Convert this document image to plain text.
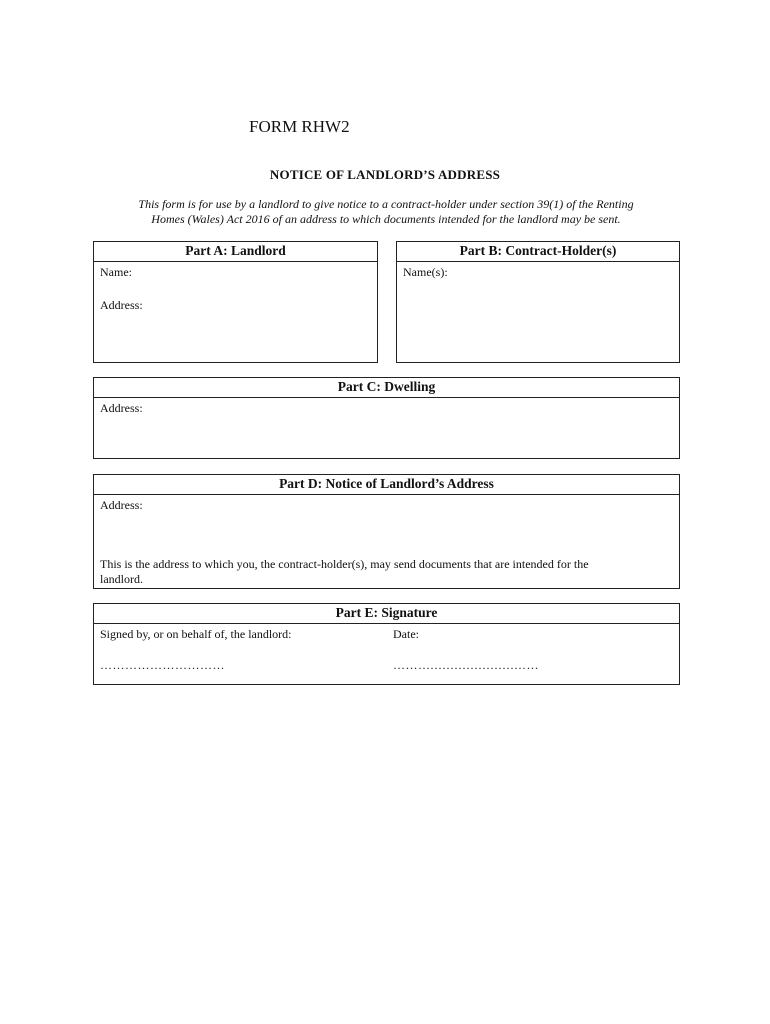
FORM RHW2
NOTICE OF LANDLORD’S ADDRESS
This form is for use by a landlord to give notice to a contract-holder under section 39(1) of the Renting
Homes (Wales) Act 2016 of an address to which documents intended for the landlord may be sent.
Part A: Landlord
Name:
Address:
Part B: Contract-Holder(s)
Name(s):
Part C: Dwelling
Address:
Part D: Notice of Landlord’s Address
Address:
This is the address to which you, the contract-holder(s), may send documents that are intended for the
landlord.
Part E: Signature
Signed by, or on behalf of, the landlord:	Date:
…………………………	……….….….….….….……
